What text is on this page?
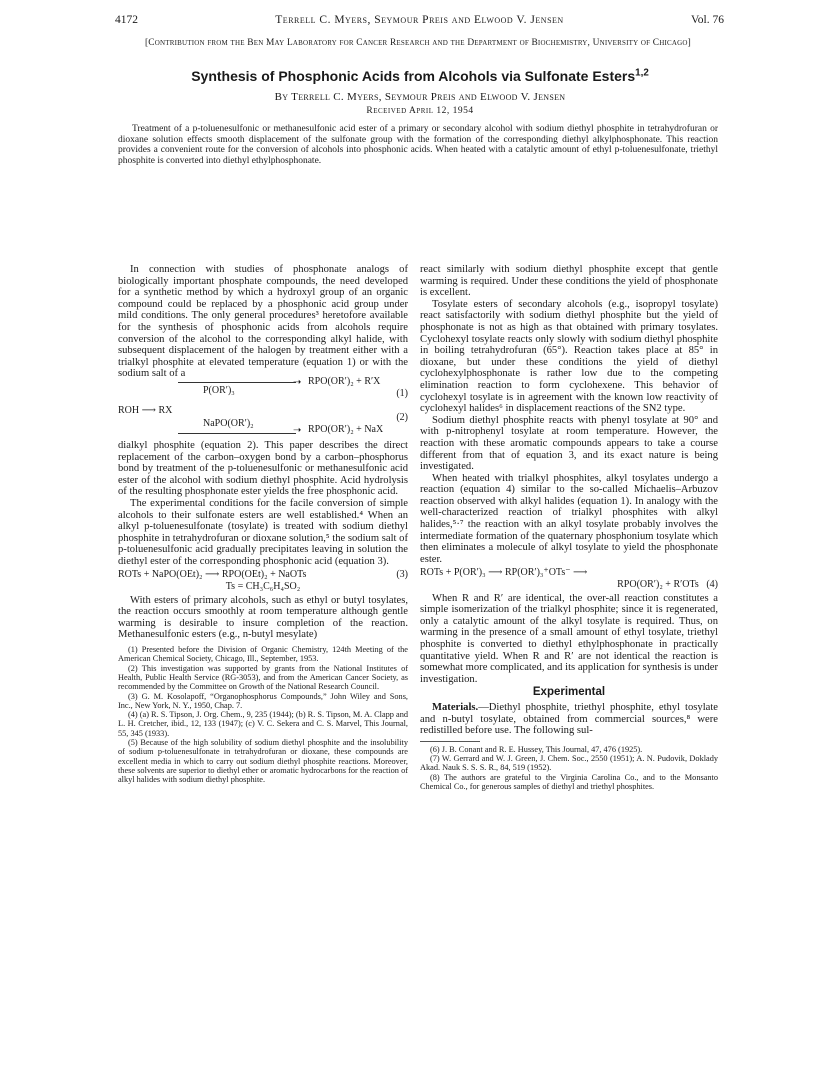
4172	Terrell C. Myers, Seymour Preis and Elwood V. Jensen	Vol. 76
[Contribution from the Ben May Laboratory for Cancer Research and the Department of Biochemistry, University of Chicago]
Synthesis of Phosphonic Acids from Alcohols via Sulfonate Esters$^{1,2}$
By Terrell C. Myers, Seymour Preis and Elwood V. Jensen
Received April 12, 1954
Treatment of a p-toluenesulfonic or methanesulfonic acid ester of a primary or secondary alcohol with sodium diethyl phosphite in tetrahydrofuran or dioxane solution effects smooth displacement of the sulfonate group with the formation of the corresponding diethyl alkylphosphonate. This reaction provides a convenient route for the conversion of alcohols into phosphonic acids. When heated with a catalytic amount of ethyl p-toluenesulfonate, triethyl phosphite is converted into diethyl ethylphosphonate.

In connection with studies of phosphonate analogs of biologically important phosphate compounds, the need developed for a synthetic method by which a hydroxyl group of an organic compound could be replaced by a phosphonic acid group under mild conditions. The only general procedures³ heretofore available for the synthesis of phosphonic acids from alcohols require conversion of the alcohol to the corresponding alkyl halide, with subsequent displacement of the halogen by treatment either with a trialkyl phosphite at elevated temperature (equation 1) or with the sodium salt of a

ROH ⟶ RX
P(OR′)₃
➝ RPO(OR′)₂ + R′X
(1)
NaPO(OR′)₂
➝ RPO(OR′)₂ + NaX
(2)

dialkyl phosphite (equation 2). This paper describes the direct replacement of the carbon–oxygen bond by a carbon–phosphorus bond by treatment of the p-toluenesulfonic or methanesulfonic acid ester of the alcohol with sodium diethyl phosphite. Acid hydrolysis of the resulting phosphonate ester yields the free phosphonic acid.

The experimental conditions for the facile conversion of simple alcohols to their sulfonate esters are well established.⁴ When an alkyl p-toluenesulfonate (tosylate) is treated with sodium diethyl phosphite in tetrahydrofuran or dioxane solution,⁵ the sodium salt of p-toluenesulfonic acid gradually precipitates leaving in solution the diethyl ester of the corresponding phosphonic acid (equation 3).

ROTs + NaPO(OEt)₂ ⟶ RPO(OEt)₂ + NaOTs	(3)
Ts = CH₃C₆H₄SO₂

With esters of primary alcohols, such as ethyl or butyl tosylates, the reaction occurs smoothly at room temperature although gentle warming is desirable to insure completion of the reaction. Methanesulfonic esters (e.g., n-butyl mesylate)

(1) Presented before the Division of Organic Chemistry, 124th Meeting of the American Chemical Society, Chicago, Ill., September, 1953.

(2) This investigation was supported by grants from the National Institutes of Health, Public Health Service (RG-3053), and from the American Cancer Society, as recommended by the Committee on Growth of the National Research Council.

(3) G. M. Kosolapoff, “Organophosphorus Compounds,” John Wiley and Sons, Inc., New York, N. Y., 1950, Chap. 7.

(4) (a) R. S. Tipson, J. Org. Chem., 9, 235 (1944); (b) R. S. Tipson, M. A. Clapp and L. H. Cretcher, ibid., 12, 133 (1947); (c) V. C. Sekera and C. S. Marvel, This Journal, 55, 345 (1933).

(5) Because of the high solubility of sodium diethyl phosphite and the insolubility of sodium p-toluenesulfonate in tetrahydrofuran or dioxane, these compounds are excellent media in which to carry out sodium diethyl phosphite reactions. Moreover, these solvents are superior to diethyl ether or aromatic hydrocarbons for the reaction of alkyl halides with sodium diethyl phosphite.

react similarly with sodium diethyl phosphite except that gentle warming is required. Under these conditions the yield of phosphonate is excellent.

Tosylate esters of secondary alcohols (e.g., isopropyl tosylate) react satisfactorily with sodium diethyl phosphite but the yield of phosphonate is not as high as that obtained with primary tosylates. Cyclohexyl tosylate reacts only slowly with sodium diethyl phosphite in boiling tetrahydrofuran (65°). Reaction takes place at 85° in dioxane, but under these conditions the yield of diethyl cyclohexylphosphonate is rather low due to the competing elimination reaction to form cyclohexene. This behavior of cyclohexyl tosylate is in agreement with the known low reactivity of cyclohexyl halides⁶ in displacement reactions of the SN2 type.

Sodium diethyl phosphite reacts with phenyl tosylate at 90° and with p-nitrophenyl tosylate at room temperature. However, the reaction with these aromatic compounds appears to take a course different from that of equation 3, and its exact nature is being investigated.

When heated with trialkyl phosphites, alkyl tosylates undergo a reaction (equation 4) similar to the so-called Michaelis–Arbuzov reaction observed with alkyl halides (equation 1). In analogy with the well-characterized reaction of trialkyl phosphites with alkyl halides,⁵·⁷ the reaction with an alkyl tosylate probably involves the intermediate formation of the quaternary phosphonium tosylate which then eliminates a molecule of alkyl tosylate to yield the phosphonate ester.

ROTs + P(OR′)₃ ⟶ RP(OR′)₃⁺OTs⁻ ⟶
RPO(OR′)₂ + R′OTs (4)

When R and R′ are identical, the over-all reaction constitutes a simple isomerization of the trialkyl phosphite; since it is regenerated, only a catalytic amount of the alkyl tosylate is required. Thus, on warming in the presence of a small amount of ethyl tosylate, triethyl phosphite is converted to diethyl ethylphosphonate in practically quantitative yield. When R and R′ are not identical the reaction is somewhat more complicated, and its application for synthesis is under investigation.

Experimental

Materials.—Diethyl phosphite, triethyl phosphite, ethyl tosylate and n-butyl tosylate, obtained from commercial sources,⁸ were redistilled before use. The following sul-

(6) J. B. Conant and R. E. Hussey, This Journal, 47, 476 (1925).

(7) W. Gerrard and W. J. Green, J. Chem. Soc., 2550 (1951); A. N. Pudovik, Doklady Akad. Nauk S. S. S. R., 84, 519 (1952).

(8) The authors are grateful to the Virginia Carolina Co., and to the Monsanto Chemical Co., for generous samples of diethyl and triethyl phosphites.
